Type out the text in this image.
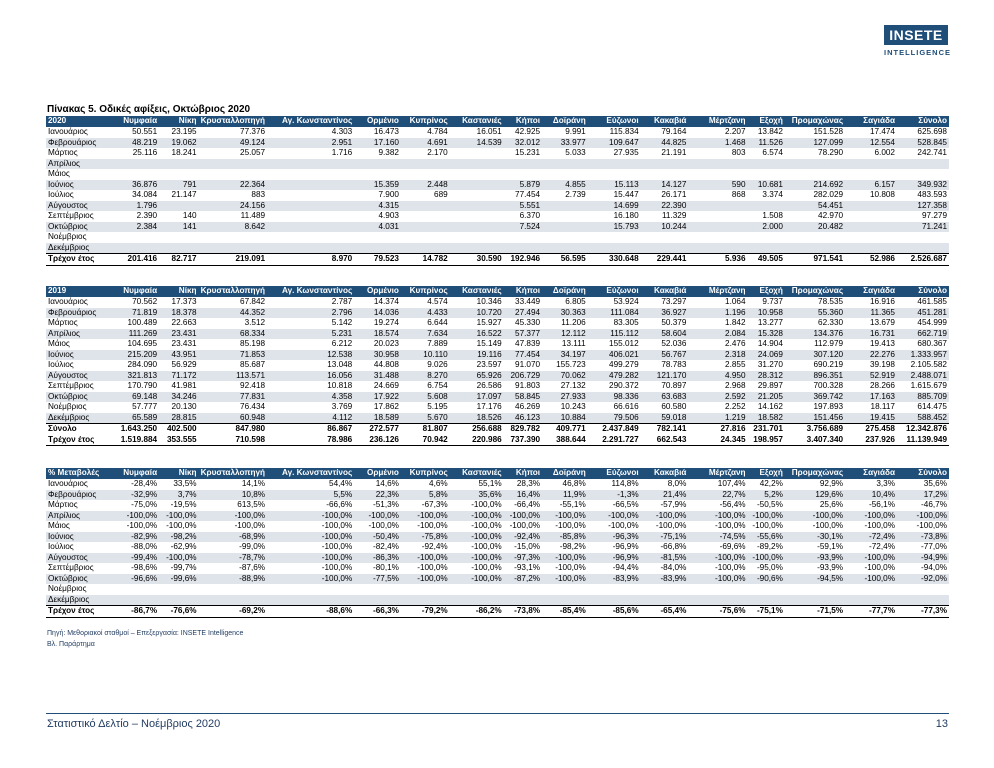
INSETE
INTELLIGENCE
Πίνακας 5. Οδικές αφίξεις, Οκτώβριος 2020
2020	Νυμφαία	Νίκη	Κρυσταλλοπηγή	Αγ. Κωνσταντίνος	Ορμένιο	Κυπρίνος	Καστανιές	Κήποι	Δοϊράνη	Εύζωνοι	Κακαβιά	Μέρτζανη	Εξοχή	Προμαχώνας	Σαγιάδα	Σύνολο
Ιανουάριος	50.551	23.195	77.376	4.303	16.473	4.784	16.051	42.925	9.991	115.834	79.164	2.207	13.842	151.528	17.474	625.698
Φεβρουάριος	48.219	19.062	49.124	2.951	17.160	4.691	14.539	32.012	33.977	109.647	44.825	1.468	11.526	127.099	12.554	528.845
Μάρτιος	25.116	18.241	25.057	1.716	9.382	2.170		15.231	5.033	27.935	21.191	803	6.574	78.290	6.002	242.741
Απρίλιος																
Μάιος																
Ιούνιος	36.876	791	22.364		15.359	2.448		5.879	4.855	15.113	14.127	590	10.681	214.692	6.157	349.932
Ιούλιος	34.084	21.147	883		7.900	689		77.454	2.739	15.447	26.171	868	3.374	282.029	10.808	483.593
Αύγουστος	1.796		24.156		4.315			5.551		14.699	22.390			54.451		127.358
Σεπτέμβριος	2.390	140	11.489		4.903			6.370		16.180	11.329		1.508	42.970		97.279
Οκτώβριος	2.384	141	8.642		4.031			7.524		15.793	10.244		2.000	20.482		71.241
Νοέμβριος																
Δεκέμβριος																
Τρέχον έτος	201.416	82.717	219.091	8.970	79.523	14.782	30.590	192.946	56.595	330.648	229.441	5.936	49.505	971.541	52.986	2.526.687
2019	Νυμφαία	Νίκη	Κρυσταλλοπηγή	Αγ. Κωνσταντίνος	Ορμένιο	Κυπρίνος	Καστανιές	Κήποι	Δοϊράνη	Εύζωνοι	Κακαβιά	Μέρτζανη	Εξοχή	Προμαχώνας	Σαγιάδα	Σύνολο
Ιανουάριος	70.562	17.373	67.842	2.787	14.374	4.574	10.346	33.449	6.805	53.924	73.297	1.064	9.737	78.535	16.916	461.585
Φεβρουάριος	71.819	18.378	44.352	2.796	14.036	4.433	10.720	27.494	30.363	111.084	36.927	1.196	10.958	55.360	11.365	451.281
Μάρτιος	100.489	22.663	3.512	5.142	19.274	6.644	15.927	45.330	11.206	83.305	50.379	1.842	13.277	62.330	13.679	454.999
Απρίλιος	111.269	23.431	68.334	5.231	18.574	7.634	16.522	57.377	12.112	115.112	58.604	2.084	15.328	134.376	16.731	662.719
Μάιος	104.695	23.431	85.198	6.212	20.023	7.889	15.149	47.839	13.111	155.012	52.036	2.476	14.904	112.979	19.413	680.367
Ιούνιος	215.209	43.951	71.853	12.538	30.958	10.110	19.116	77.454	34.197	406.021	56.767	2.318	24.069	307.120	22.276	1.333.957
Ιούλιος	284.090	56.929	85.687	13.048	44.808	9.026	23.597	91.070	155.723	499.279	78.783	2.855	31.270	690.219	39.198	2.105.582
Αύγουστος	321.813	71.172	113.571	16.056	31.488	8.270	65.926	206.729	70.062	479.282	121.170	4.950	28.312	896.351	52.919	2.488.071
Σεπτέμβριος	170.790	41.981	92.418	10.818	24.669	6.754	26.586	91.803	27.132	290.372	70.897	2.968	29.897	700.328	28.266	1.615.679
Οκτώβριος	69.148	34.246	77.831	4.358	17.922	5.608	17.097	58.845	27.933	98.336	63.683	2.592	21.205	369.742	17.163	885.709
Νοέμβριος	57.777	20.130	76.434	3.769	17.862	5.195	17.176	46.269	10.243	66.616	60.580	2.252	14.162	197.893	18.117	614.475
Δεκέμβριος	65.589	28.815	60.948	4.112	18.589	5.670	18.526	46.123	10.884	79.506	59.018	1.219	18.582	151.456	19.415	588.452
Σύνολο	1.643.250	402.500	847.980	86.867	272.577	81.807	256.688	829.782	409.771	2.437.849	782.141	27.816	231.701	3.756.689	275.458	12.342.876
Τρέχον έτος	1.519.884	353.555	710.598	78.986	236.126	70.942	220.986	737.390	388.644	2.291.727	662.543	24.345	198.957	3.407.340	237.926	11.139.949
% Μεταβολές	Νυμφαία	Νίκη	Κρυσταλλοπηγή	Αγ. Κωνσταντίνος	Ορμένιο	Κυπρίνος	Καστανιές	Κήποι	Δοϊράνη	Εύζωνοι	Κακαβιά	Μέρτζανη	Εξοχή	Προμαχώνας	Σαγιάδα	Σύνολο
Ιανουάριος	-28,4%	33,5%	14,1%	54,4%	14,6%	4,6%	55,1%	28,3%	46,8%	114,8%	8,0%	107,4%	42,2%	92,9%	3,3%	35,6%
Φεβρουάριος	-32,9%	3,7%	10,8%	5,5%	22,3%	5,8%	35,6%	16,4%	11,9%	-1,3%	21,4%	22,7%	5,2%	129,6%	10,4%	17,2%
Μάρτιος	-75,0%	-19,5%	613,5%	-66,6%	-51,3%	-67,3%	-100,0%	-66,4%	-55,1%	-66,5%	-57,9%	-56,4%	-50,5%	25,6%	-56,1%	-46,7%
Απρίλιος	-100,0%	-100,0%	-100,0%	-100,0%	-100,0%	-100,0%	-100,0%	-100,0%	-100,0%	-100,0%	-100,0%	-100,0%	-100,0%	-100,0%	-100,0%	-100,0%
Μάιος	-100,0%	-100,0%	-100,0%	-100,0%	-100,0%	-100,0%	-100,0%	-100,0%	-100,0%	-100,0%	-100,0%	-100,0%	-100,0%	-100,0%	-100,0%	-100,0%
Ιούνιος	-82,9%	-98,2%	-68,9%	-100,0%	-50,4%	-75,8%	-100,0%	-92,4%	-85,8%	-96,3%	-75,1%	-74,5%	-55,6%	-30,1%	-72,4%	-73,8%
Ιούλιος	-88,0%	-62,9%	-99,0%	-100,0%	-82,4%	-92,4%	-100,0%	-15,0%	-98,2%	-96,9%	-66,8%	-69,6%	-89,2%	-59,1%	-72,4%	-77,0%
Αύγουστος	-99,4%	-100,0%	-78,7%	-100,0%	-86,3%	-100,0%	-100,0%	-97,3%	-100,0%	-96,9%	-81,5%	-100,0%	-100,0%	-93,9%	-100,0%	-94,9%
Σεπτέμβριος	-98,6%	-99,7%	-87,6%	-100,0%	-80,1%	-100,0%	-100,0%	-93,1%	-100,0%	-94,4%	-84,0%	-100,0%	-95,0%	-93,9%	-100,0%	-94,0%
Οκτώβριος	-96,6%	-99,6%	-88,9%	-100,0%	-77,5%	-100,0%	-100,0%	-87,2%	-100,0%	-83,9%	-83,9%	-100,0%	-90,6%	-94,5%	-100,0%	-92,0%
Νοέμβριος																
Δεκέμβριος																
Τρέχον έτος	-86,7%	-76,6%	-69,2%	-88,6%	-66,3%	-79,2%	-86,2%	-73,8%	-85,4%	-85,6%	-65,4%	-75,6%	-75,1%	-71,5%	-77,7%	-77,3%
Πηγή: Μεθοριακοί σταθμοί – Επεξεργασία: INSETE Intelligence
Βλ. Παράρτημα
Στατιστικό Δελτίο – Νοέμβριος 2020	13
